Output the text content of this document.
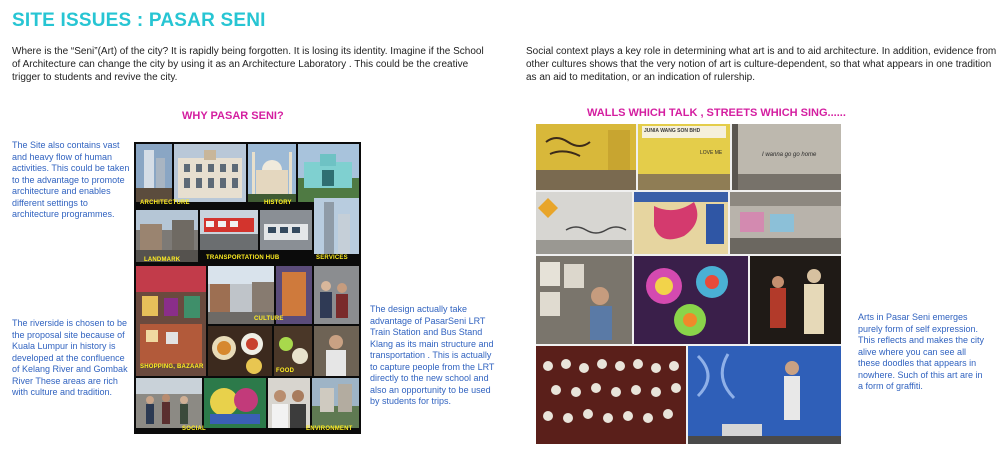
SITE ISSUES : PASAR SENI
Where is the “Seni”(Art) of the city? It is rapidly being forgotten. It is losing its identity. Imagine if the School of Architecture can change the city by using it as an Architecture Laboratory . This could be the creative trigger to students and revive the city.
Social context plays a key role in determining what art is and to aid architecture. In addition, evidence from other cultures shows that the very notion of art is culture-dependent, so that what appears in one tradition as an aid to meditation, or an indication of rulership.
WHY PASAR SENI?	WALLS WHICH TALK , STREETS WHICH SING......
The Site also contains vast and heavy flow of human activities. This could be taken to the advantage to promote architecture and enables different settings to architecture programmes.
The riverside is chosen to be the proposal site because of Kuala Lumpur in history is developed at the confluence of Kelang River and Gombak River These areas are rich with culture and tradition.
The design actually take advantage of PasarSeni LRT Train Station and Bus Stand Klang as its main structure and transportation . This is actually to capture people from the LRT directly to the new school and also an opportunity to be used by students for trips.
Arts in Pasar Seni emerges purely form of self expression. This reflects and makes the city alive where you can see all these doodles that appears in nowhere. Such of this art are in a form of graffiti.
ARCHITECTURE	HISTORY
LANDMARK	TRANSPORTATION HUB	SERVICES
CULTURE
SHOPPING, BAZAAR
FOOD
SOCIAL	ENVIRONMENT
JUNIA WANG SON BHD
LOVE ME	I wanna go go home
